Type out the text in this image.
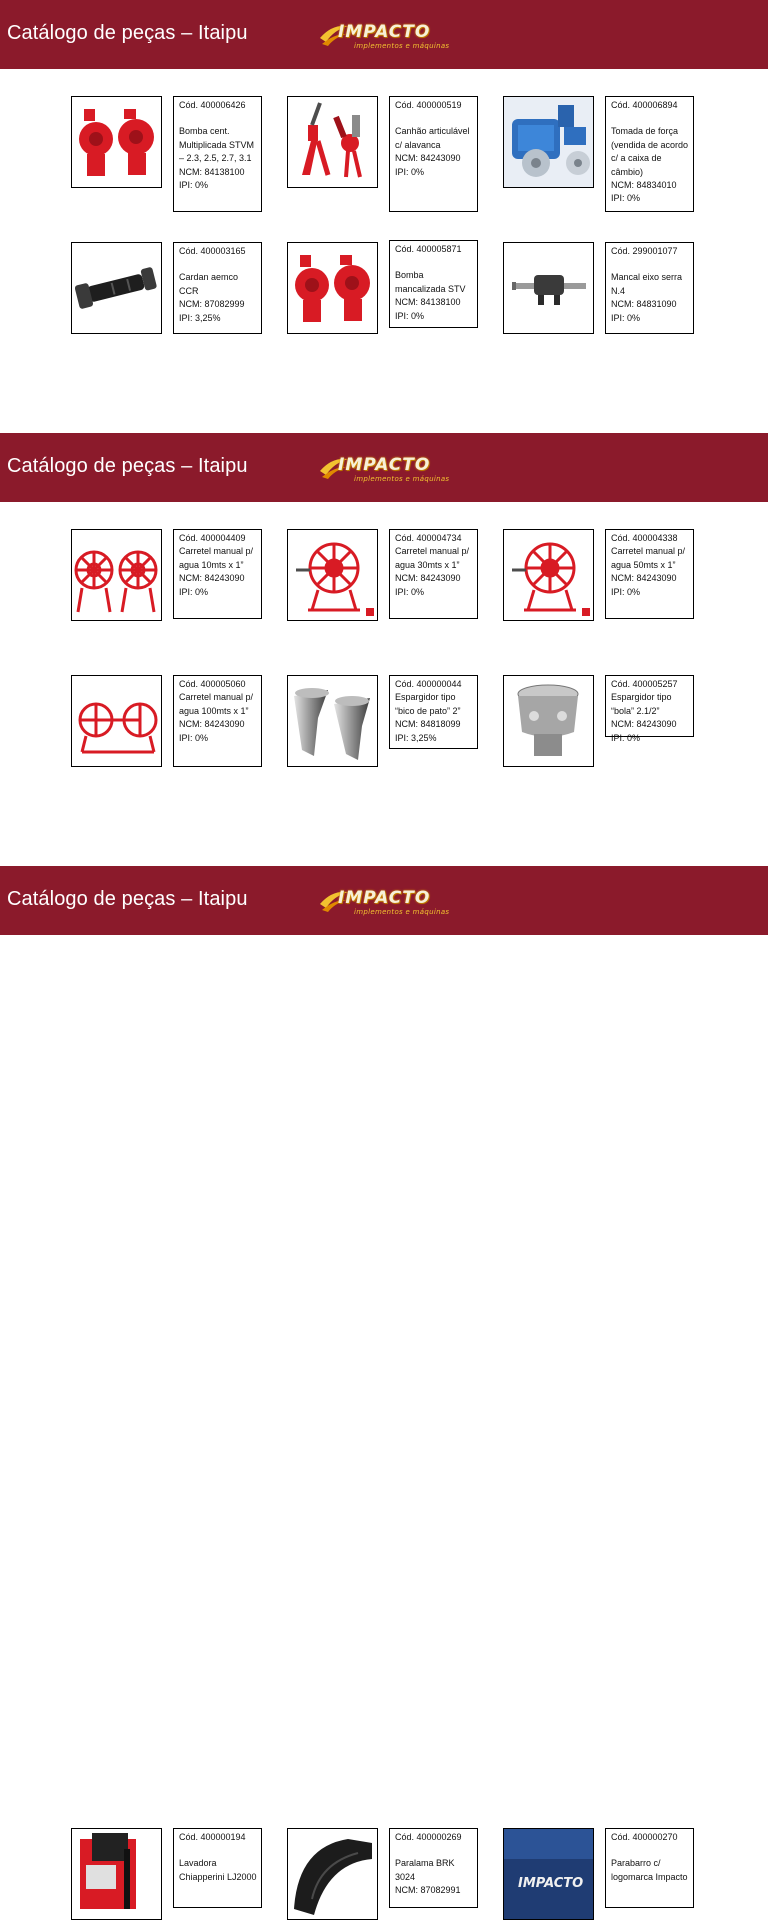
Catálogo de peças – Itaipu	IMPACTO
implementos e máquinas
Cód. 400006426
Bomba cent. Multiplicada STVM – 2.3, 2.5, 2.7, 3.1
NCM: 84138100
IPI: 0%
Cód. 400000519
Canhão articulável c/ alavanca
NCM: 84243090
IPI: 0%
Cód. 400006894
Tomada de força (vendida de acordo c/ a caixa de câmbio)
NCM: 84834010
IPI: 0%
Cód. 400003165
Cardan aemco CCR
NCM: 87082999
IPI: 3,25%
Cód. 400005871
Bomba mancalizada STV
NCM: 84138100
IPI: 0%
Cód. 299001077
Mancal eixo serra N.4
NCM: 84831090
IPI: 0%
Catálogo de peças – Itaipu	IMPACTO
implementos e máquinas
Cód. 400004409
Carretel manual p/ agua 10mts x 1”
NCM: 84243090
IPI: 0%
Cód. 400004734
Carretel manual p/ agua 30mts x 1”
NCM: 84243090
IPI: 0%
Cód. 400004338
Carretel manual p/ agua 50mts x 1”
NCM: 84243090
IPI: 0%
Cód. 400005060
Carretel manual p/ agua 100mts x 1”
NCM: 84243090
IPI: 0%
Cód. 400000044
Espargidor tipo “bico de pato” 2”
NCM: 84818099
IPI: 3,25%
Cód. 400005257
Espargidor tipo “bola” 2.1/2”
NCM: 84243090
IPI: 0%
Catálogo de peças – Itaipu	IMPACTO
implementos e máquinas
Cód. 400000194
Lavadora Chiapperini LJ2000
Cód. 400000269
Paralama BRK 3024
NCM: 87082991	IMPACTO
Cód. 400000270
Parabarro c/ logomarca Impacto
